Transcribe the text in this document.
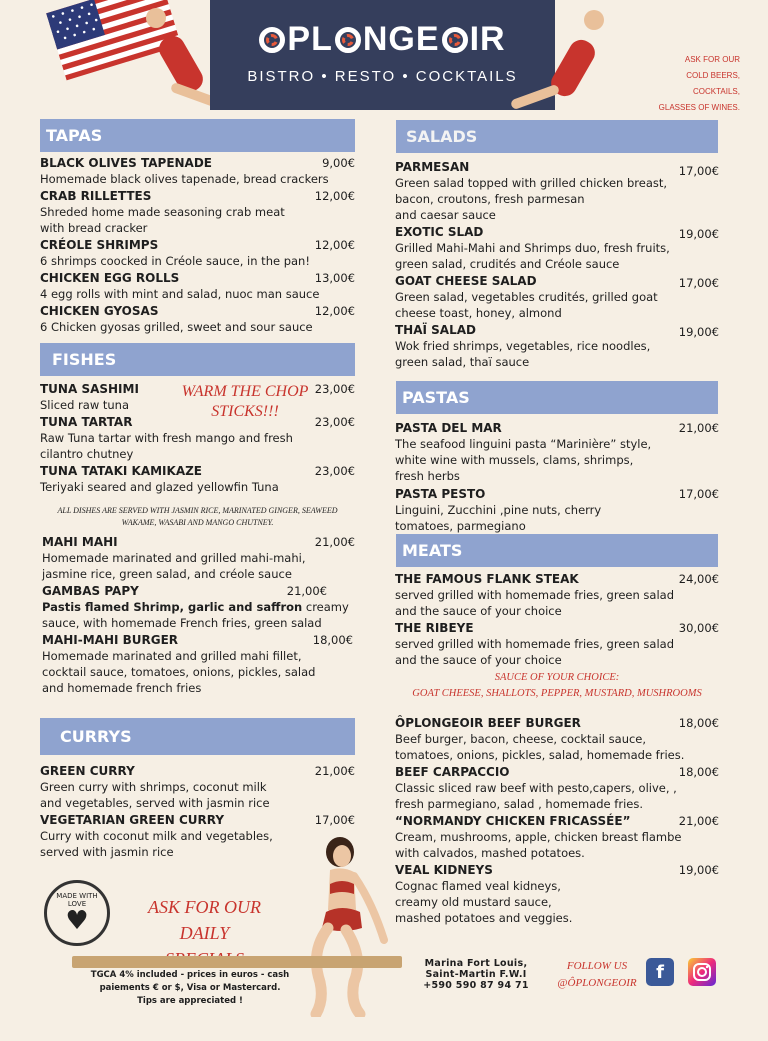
PL NGE IR
BISTRO • RESTO • COCKTAILS
ASK FOR OUR
COLD BEERS,
COCKTAILS,
GLASSES OF WINES.
TAPAS
BLACK OLIVES TAPENADE	9,00€
Homemade black olives tapenade, bread crackers
CRAB RILLETTES	12,00€
Shreded home made seasoning crab meat
with bread cracker
CRÉOLE SHRIMPS	12,00€
6 shrimps coocked in Créole sauce, in the pan!
CHICKEN EGG ROLLS	13,00€
4 egg rolls with mint and salad, nuoc man sauce
CHICKEN GYOSAS	12,00€
6 Chicken gyosas grilled, sweet and sour sauce
FISHES
WARM THE CHOP
STICKS!!!
TUNA SASHIMI	23,00€
Sliced raw tuna
TUNA TARTAR	23,00€
Raw Tuna tartar with fresh mango and fresh
cilantro chutney
TUNA TATAKI KAMIKAZE	23,00€
Teriyaki seared and glazed yellowfin Tuna
ALL DISHES ARE SERVED WITH JASMIN RICE, MARINATED GINGER, SEAWEED
WAKAME, WASABI AND MANGO CHUTNEY.
MAHI MAHI	21,00€
Homemade marinated and grilled mahi-mahi,
jasmine rice, green salad, and créole sauce
GAMBAS PAPY	21,00€
Pastis flamed Shrimp, garlic and saffron creamy
sauce, with homemade French fries, green salad
MAHI-MAHI BURGER	18,00€
Homemade marinated and grilled mahi fillet,
cocktail sauce, tomatoes, onions, pickles, salad
and homemade french fries
CURRYS
GREEN CURRY	21,00€
Green curry with shrimps, coconut milk
and vegetables, served with jasmin rice
VEGETARIAN GREEN CURRY	17,00€
Curry with coconut milk and vegetables,
served with jasmin rice
SALADS
PARMESAN	17,00€
Green salad topped with grilled chicken breast,
bacon, croutons, fresh parmesan
and caesar sauce
EXOTIC SLAD	19,00€
Grilled Mahi-Mahi and Shrimps duo, fresh fruits,
green salad, crudités and Créole sauce
GOAT CHEESE SALAD	17,00€
Green salad, vegetables crudités, grilled goat
cheese toast, honey, almond
THAÏ SALAD	19,00€
Wok fried shrimps, vegetables, rice noodles,
green salad, thaï sauce
PASTAS
PASTA DEL MAR	21,00€
The seafood linguini pasta “Marinière” style,
white wine with mussels, clams, shrimps,
fresh herbs
PASTA PESTO	17,00€
Linguini, Zucchini ,pine nuts, cherry
tomatoes, parmegiano
MEATS
THE FAMOUS FLANK STEAK	24,00€
served grilled with homemade fries, green salad
and the sauce of your choice
THE RIBEYE	30,00€
served grilled with homemade fries, green salad
and the sauce of your choice
SAUCE OF YOUR CHOICE:
GOAT CHEESE, SHALLOTS, PEPPER, MUSTARD, MUSHROOMS
ÔPLONGEOIR BEEF BURGER	18,00€
Beef burger, bacon, cheese, cocktail sauce,
tomatoes, onions, pickles, salad, homemade fries.
BEEF CARPACCIO	18,00€
Classic sliced raw beef with pesto,capers, olive, ,
fresh parmegiano, salad , homemade fries.
“NORMANDY CHICKEN FRICASSÉE”	21,00€
Cream, mushrooms, apple, chicken breast flambe
with calvados, mashed potatoes.
VEAL KIDNEYS	19,00€
Cognac flamed veal kidneys,
creamy old mustard sauce,
mashed potatoes and veggies.
MADE WITH LOVE
♥	ASK FOR OUR DAILY
TGCA 4% included - prices in euros - cash
paiements € or $, Visa or Mastercard.
Tips are appreciated !
Marina Fort Louis,
Saint-Martin F.W.I
+590 590 87 94 71
FOLLOW US
@ÔPLONGEOIR
f
